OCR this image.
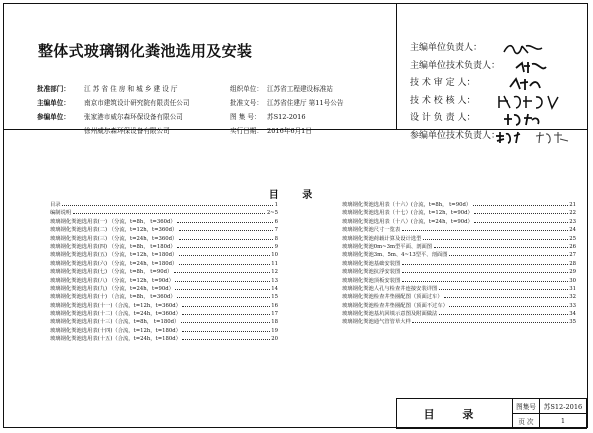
整体式玻璃钢化粪池选用及安装
批准部门： 江 苏 省 住 房 和 城 乡 建 设 厅	组织单位： 江苏省工程建设标准站
主编单位： 南京市建筑设计研究院有限责任公司	批准文号： 江苏省住建厅 第11号公告
参编单位： 张家港市威尔森环保设备有限公司	图 集 号： 苏S12-2016
徐州威尔森环保设备有限公司	实行日期： 2016年6月1日
主编单位负责人：
主编单位技术负责人：
技 术 审 定 人：
技 术 校 核 人：
设 计 负 责 人：
参编单位技术负责人：
目 录
目录	1
编制说明	2~5
玻璃钢化粪池选用表(一) （分流，t=8h， t=360d）	6
玻璃钢化粪池选用表(二) （分流，t=12h，t=360d）	7
玻璃钢化粪池选用表(三) （分流，t=24h，t=360d）	8
玻璃钢化粪池选用表(四) （分流，t=8h， t=180d）	9
玻璃钢化粪池选用表(五) （分流，t=12h，t=180d）	10
玻璃钢化粪池选用表(六) （分流，t=24h，t=180d）	11
玻璃钢化粪池选用表(七) （分流，t=8h， t=90d）	12
玻璃钢化粪池选用表(八) （分流，t=12h，t=90d）	13
玻璃钢化粪池选用表(九) （分流，t=24h，t=90d）	14
玻璃钢化粪池选用表(十) （合流，t=8h， t=360d）	15
玻璃钢化粪池选用表(十一)（合流，t=12h，t=360d）	16
玻璃钢化粪池选用表(十二)（合流，t=24h，t=360d）	17
玻璃钢化粪池选用表(十三)（合流，t=8h， t=180d）	18
玻璃钢化粪池选用表(十四)（合流，t=12h，t=180d）	19
玻璃钢化粪池选用表(十五)（合流，t=24h，t=180d）	20
玻璃钢化粪池选用表（十六）(合流，t=8h， t=90d）	21
玻璃钢化粪池选用表（十七）(合流，t=12h，t=90d）	22
玻璃钢化粪池选用表（十八）(合流，t=24h，t=90d）	23
玻璃钢化粪池尺寸一览表	24
玻璃钢化粪池荷载计算及设计选型	25
玻璃钢化粪池0m~3m型平面、剖面图	26
玻璃钢化粪池3m、5m、4~13型平、剖面图	27
玻璃钢化粪池基础安装图	28
玻璃钢化粪池抗浮安装图	29
玻璃钢化粪池顶板安装图	30
玻璃钢化粪池人孔与检查井连接安装详图	31
玻璃钢化粪池检查井垫圈配图（顶面过车）	32
玻璃钢化粪池检查井垫圈配图（顶面不过车）	33
玻璃钢化粪池基坑回填示意图及附面做法	34
玻璃钢化粪池通气管管草大样	35
目 录	图集号	苏S12-2016
	页 次	1
